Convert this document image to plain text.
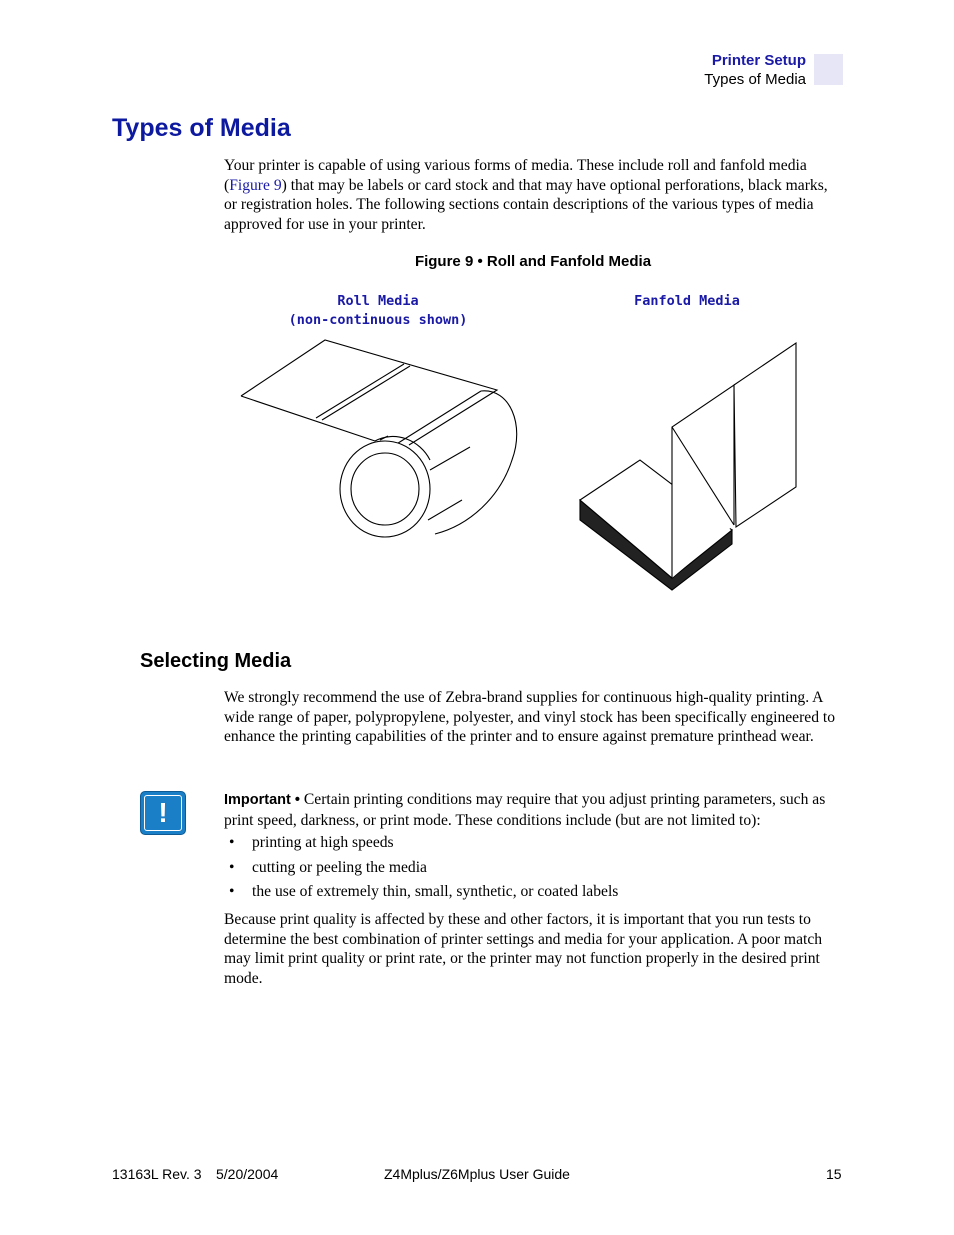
Printer Setup
Types of Media
Types of Media

Your printer is capable of using various forms of media. These include roll and fanfold media (Figure 9) that may be labels or card stock and that may have optional perforations, black marks, or registration holes. The following sections contain descriptions of the various types of media approved for use in your printer.

Figure 9 • Roll and Fanfold Media

Roll Media
(non-continuous shown)
Fanfold Media
Selecting Media

We strongly recommend the use of Zebra-brand supplies for continuous high-quality printing. A wide range of paper, polypropylene, polyester, and vinyl stock has been specifically engineered to enhance the printing capabilities of the printer and to ensure against premature printhead wear.

!	Important • Certain printing conditions may require that you adjust printing parameters, such as print speed, darkness, or print mode. These conditions include (but are not limited to):

• printing at high speeds
• cutting or peeling the media
• the use of extremely thin, small, synthetic, or coated labels

Because print quality is affected by these and other factors, it is important that you run tests to determine the best combination of printer settings and media for your application. A poor match may limit print quality or print rate, or the printer may not function properly in the desired print mode.

13163L Rev. 3 5/20/2004	Z4Mplus/Z6Mplus User Guide	15
